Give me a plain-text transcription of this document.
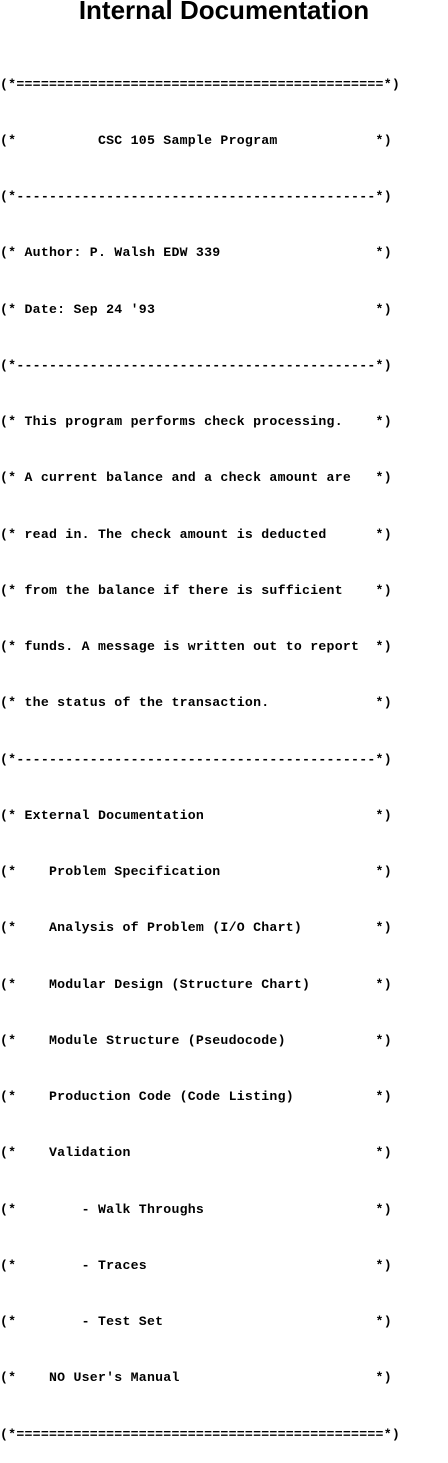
Internal Documentation

(*=============================================*)

(*          CSC 105 Sample Program            *)

(*--------------------------------------------*)

(* Author: P. Walsh EDW 339                   *)

(* Date: Sep 24 '93                           *)

(*--------------------------------------------*)

(* This program performs check processing.    *)

(* A current balance and a check amount are   *)

(* read in. The check amount is deducted      *)

(* from the balance if there is sufficient    *)

(* funds. A message is written out to report  *)

(* the status of the transaction.             *)

(*--------------------------------------------*)

(* External Documentation                     *)

(*    Problem Specification                   *)

(*    Analysis of Problem (I/O Chart)         *)

(*    Modular Design (Structure Chart)        *)

(*    Module Structure (Pseudocode)           *)

(*    Production Code (Code Listing)          *)

(*    Validation                              *)

(*        - Walk Throughs                     *)

(*        - Traces                            *)

(*        - Test Set                          *)

(*    NO User's Manual                        *)

(*=============================================*)
